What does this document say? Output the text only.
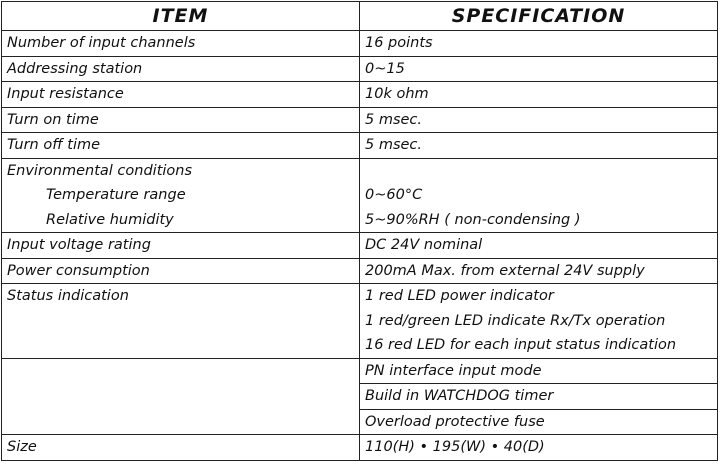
ITEM	SPECIFICATION
Number of input channels	16 points
Addressing station	0~15
Input resistance	10k ohm
Turn on time	5 msec.
Turn off time	5 msec.
Environmental conditions	
Temperature range	0~60°C
Relative humidity	5~90%RH ( non-condensing )
Input voltage rating	DC 24V nominal
Power consumption	200mA Max. from external 24V supply
Status indication	1 red LED power indicator
	1 red/green LED indicate Rx/Tx operation
	16 red LED for each input status indication
	PN interface input mode
	Build in WATCHDOG timer
	Overload protective fuse
Size	110(H) • 195(W) • 40(D)
